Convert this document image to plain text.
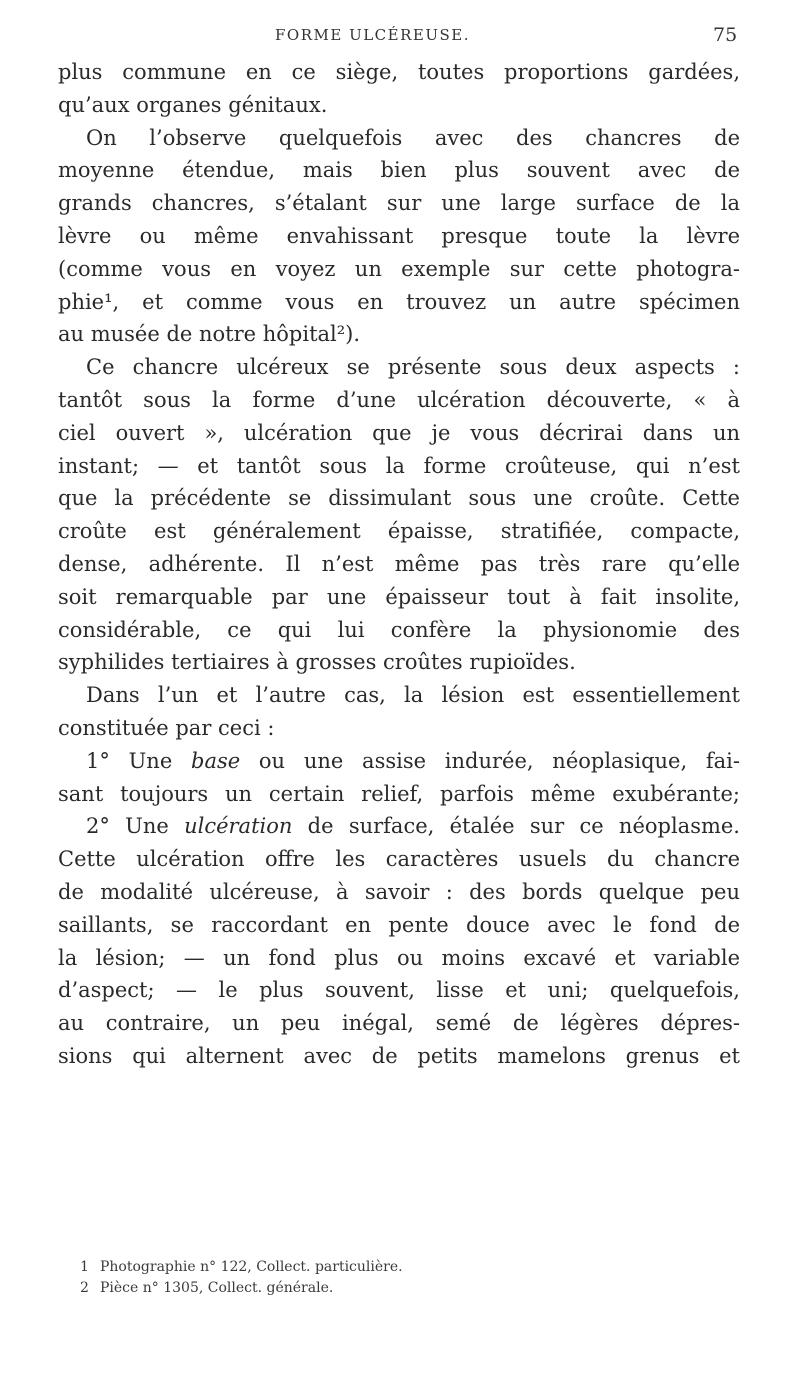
FORME ULCÉREUSE.	75
plus commune en ce siège, toutes proportions gardées,
qu’aux organes génitaux.
On l’observe quelquefois avec des chancres de
moyenne étendue, mais bien plus souvent avec de
grands chancres, s’étalant sur une large surface de la
lèvre ou même envahissant presque toute la lèvre
(comme vous en voyez un exemple sur cette photogra-
phie¹, et comme vous en trouvez un autre spécimen
au musée de notre hôpital²).
Ce chancre ulcéreux se présente sous deux aspects :
tantôt sous la forme d’une ulcération découverte, « à
ciel ouvert », ulcération que je vous décrirai dans un
instant; — et tantôt sous la forme croûteuse, qui n’est
que la précédente se dissimulant sous une croûte. Cette
croûte est généralement épaisse, stratifiée, compacte,
dense, adhérente. Il n’est même pas très rare qu’elle
soit remarquable par une épaisseur tout à fait insolite,
considérable, ce qui lui confère la physionomie des
syphilides tertiaires à grosses croûtes rupioïdes.
Dans l’un et l’autre cas, la lésion est essentiellement
constituée par ceci :
1° Une base ou une assise indurée, néoplasique, fai-
sant toujours un certain relief, parfois même exubérante;
2° Une ulcération de surface, étalée sur ce néoplasme.
Cette ulcération offre les caractères usuels du chancre
de modalité ulcéreuse, à savoir : des bords quelque peu
saillants, se raccordant en pente douce avec le fond de
la lésion; — un fond plus ou moins excavé et variable
d’aspect; — le plus souvent, lisse et uni; quelquefois,
au contraire, un peu inégal, semé de légères dépres-
sions qui alternent avec de petits mamelons grenus et
1 Photographie n° 122, Collect. particulière.
2 Pièce n° 1305, Collect. générale.
